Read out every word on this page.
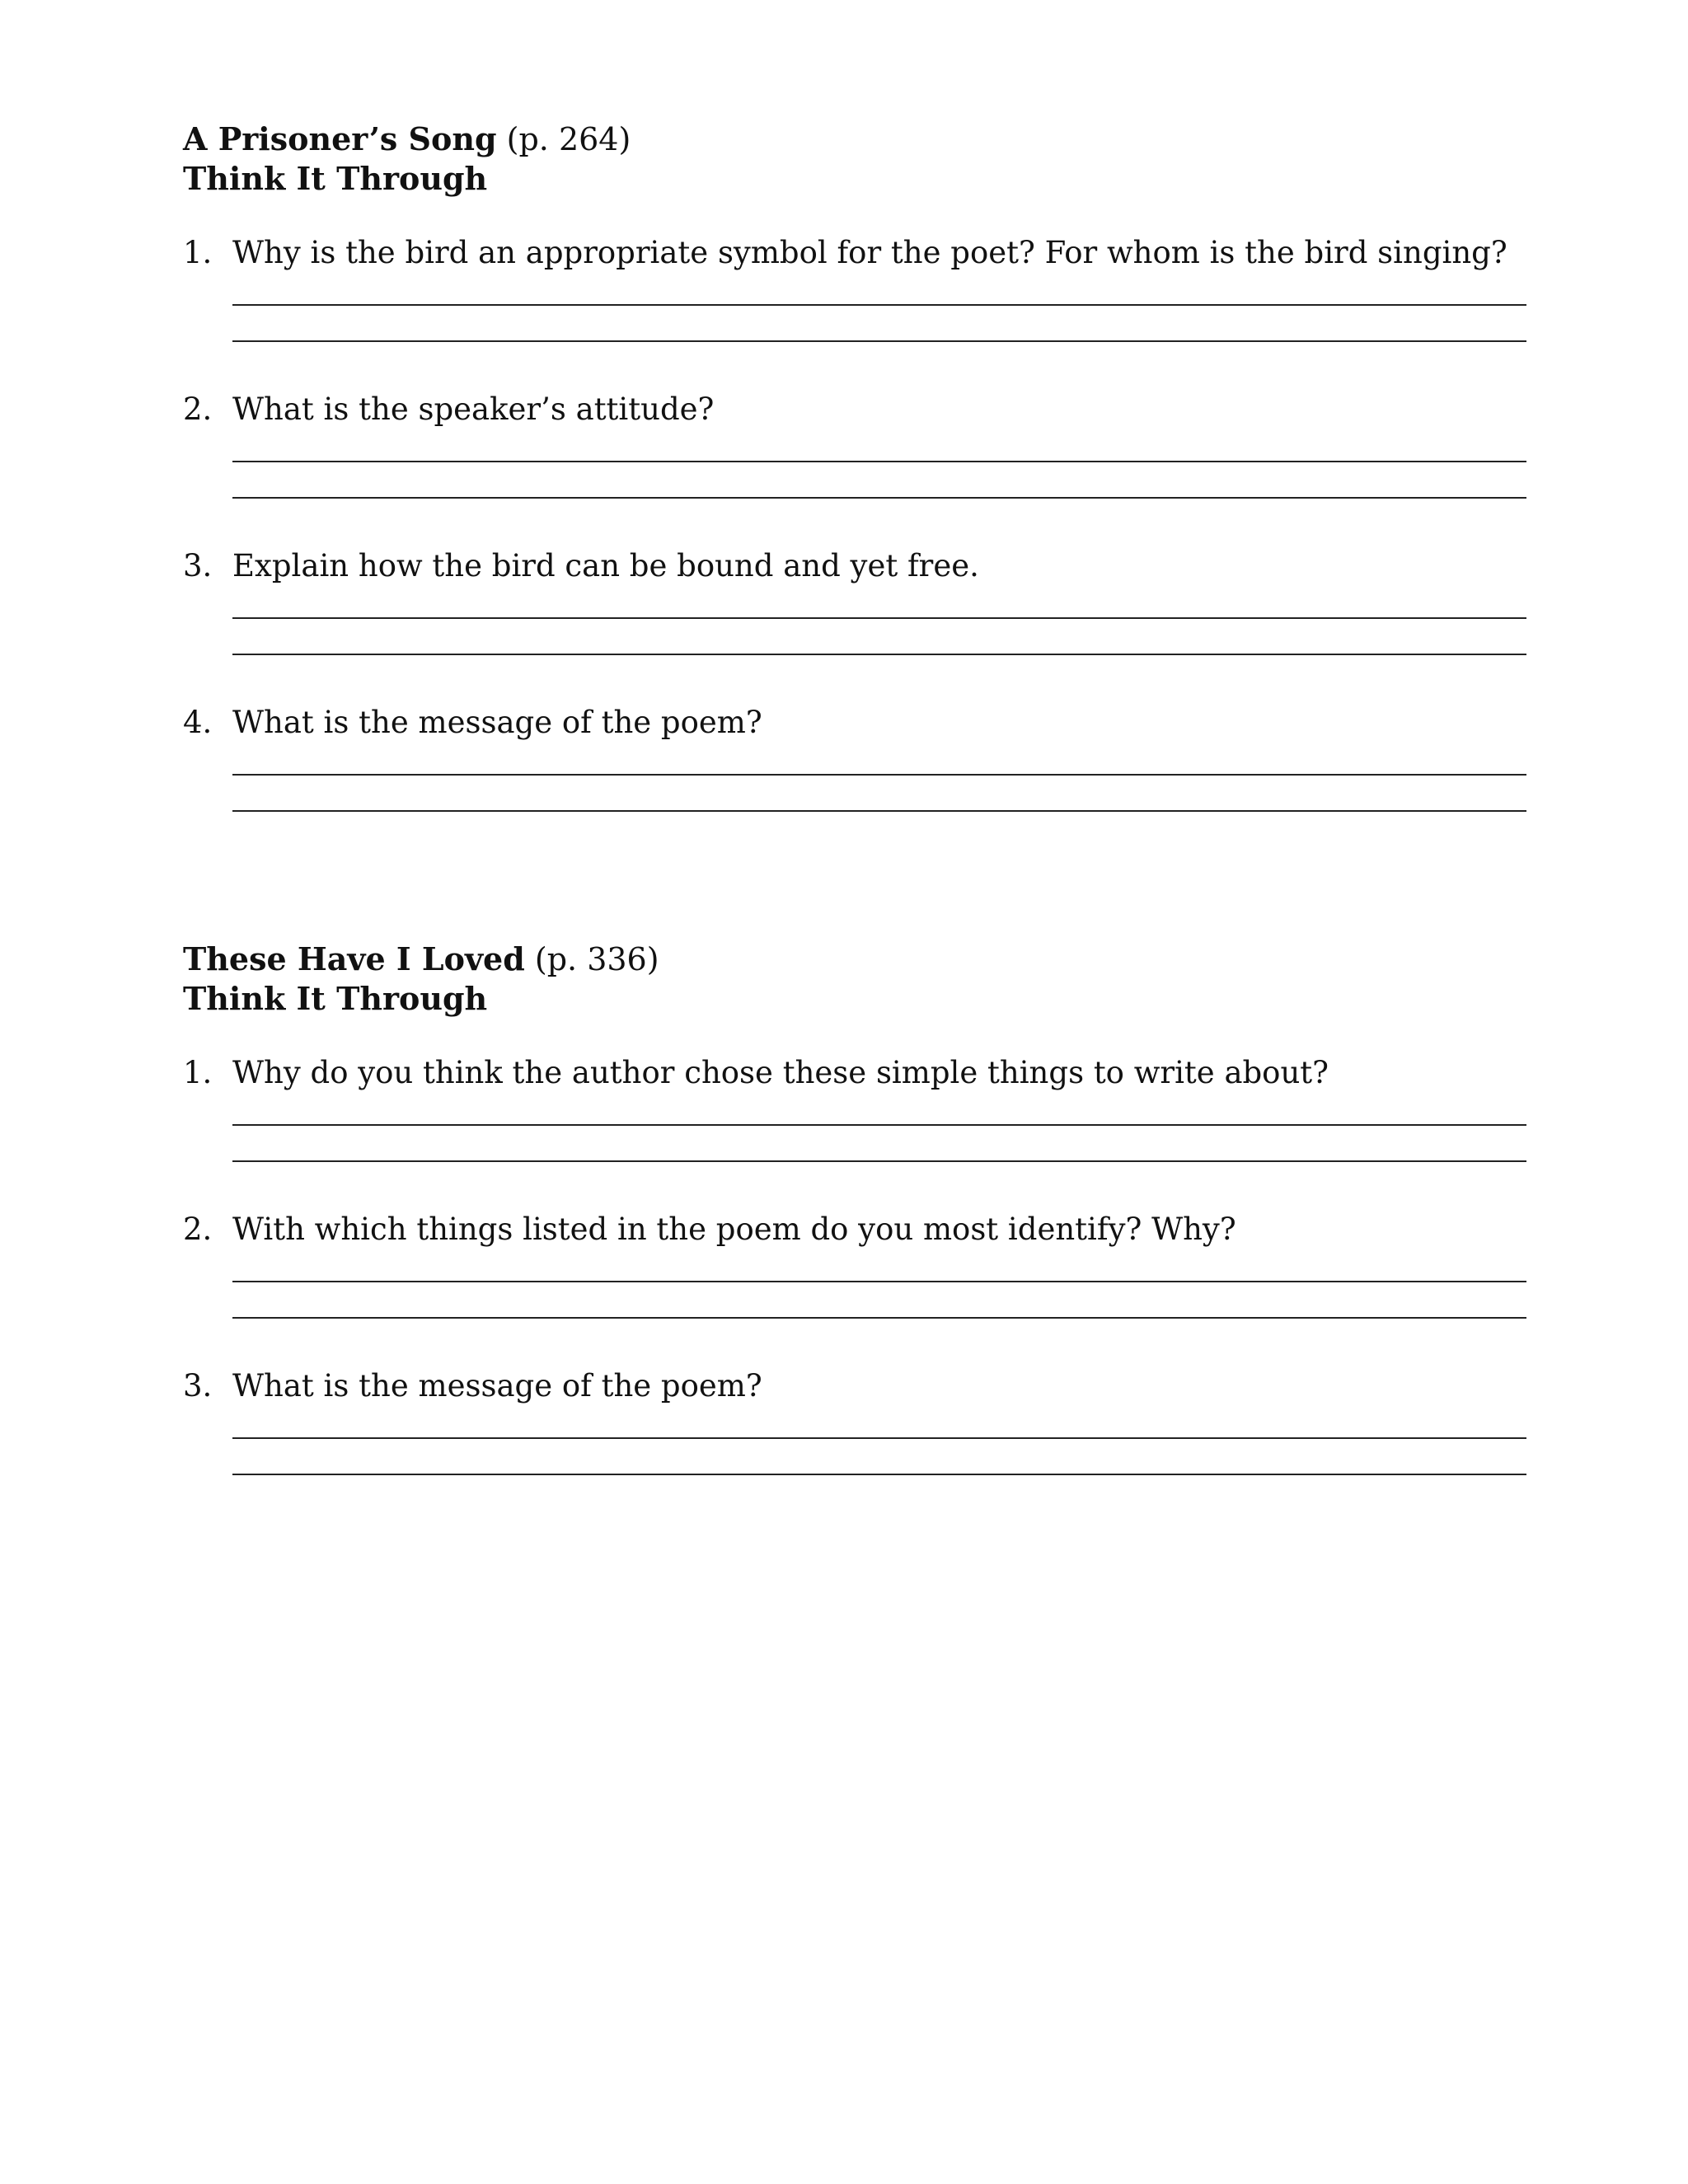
A Prisoner’s Song (p. 264)

Think It Through

1. Why is the bird an appropriate symbol for the poet? For whom is the bird singing?
2. What is the speaker’s attitude?
3. Explain how the bird can be bound and yet free.
4. What is the message of the poem?

These Have I Loved (p. 336)

Think It Through

1. Why do you think the author chose these simple things to write about?
2. With which things listed in the poem do you most identify? Why?
3. What is the message of the poem?
